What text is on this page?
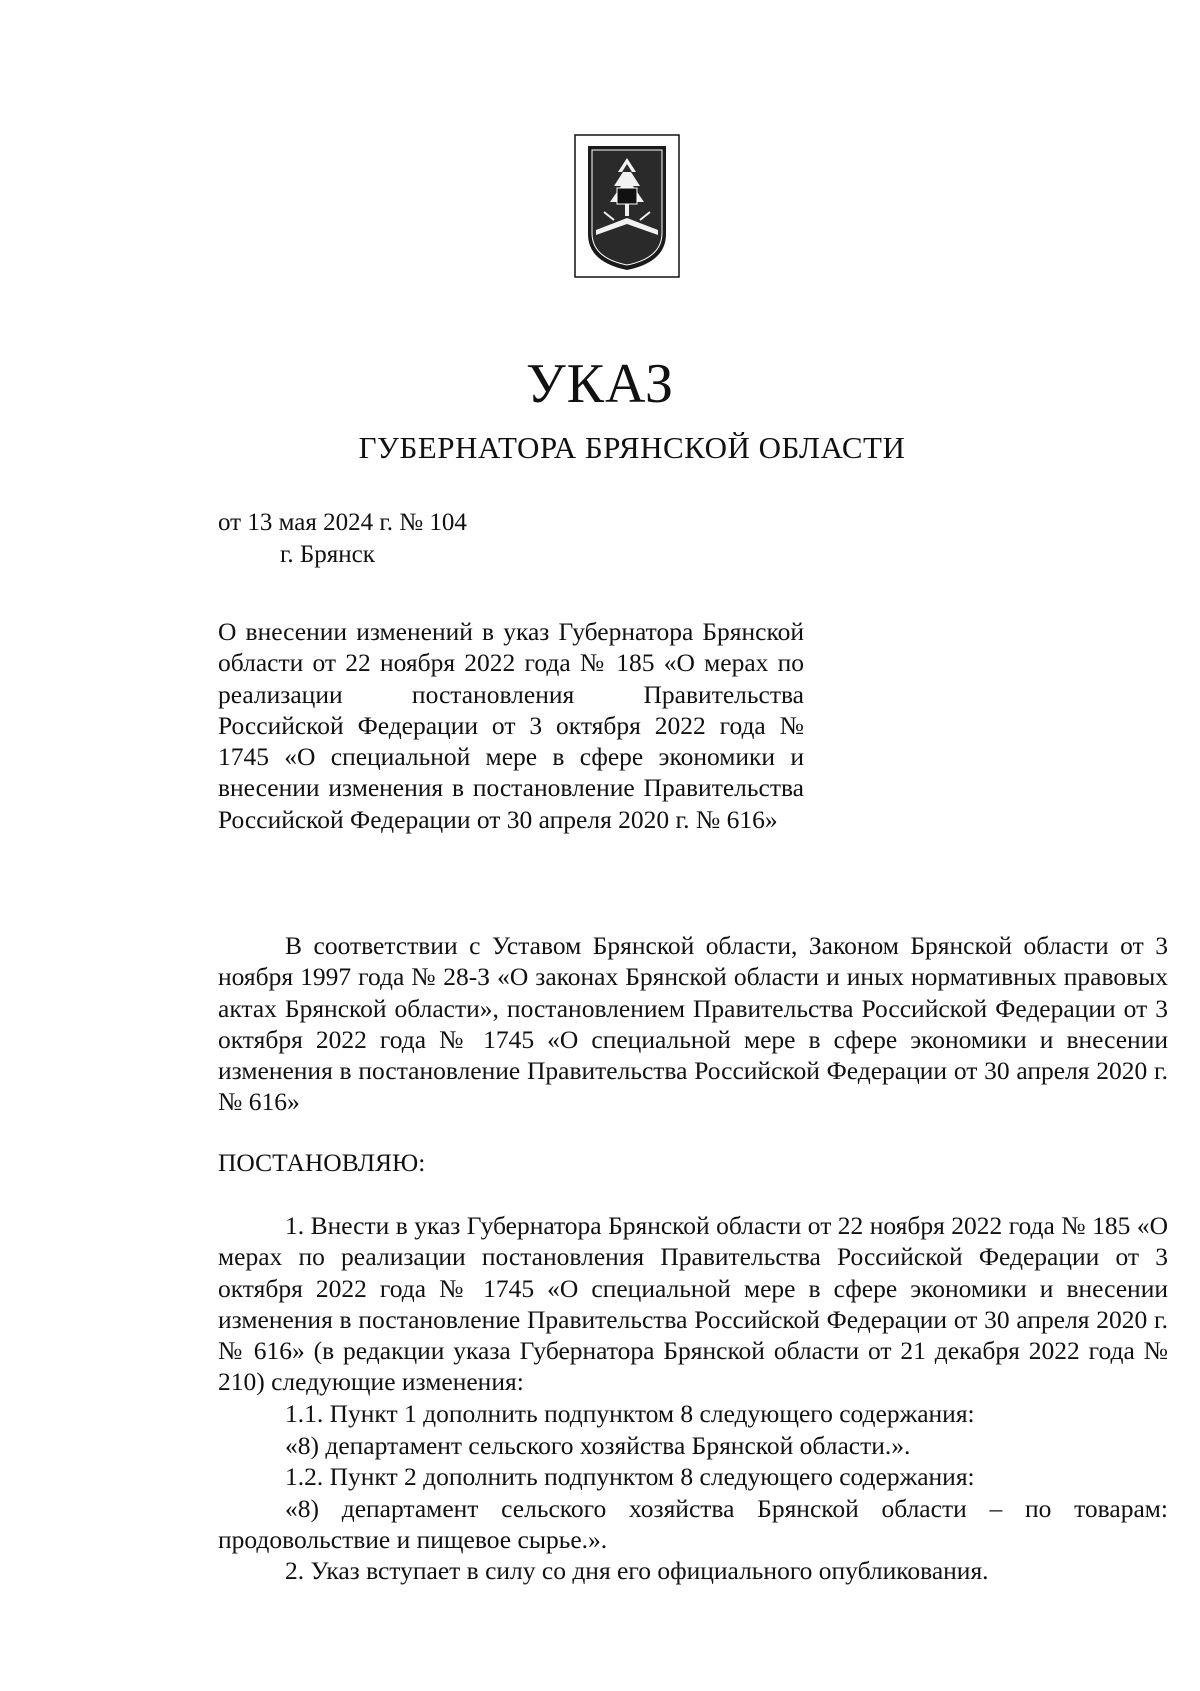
УКАЗ
ГУБЕРНАТОРА БРЯНСКОЙ ОБЛАСТИ
от 13 мая 2024 г. № 104
г. Брянск

О внесении изменений в указ Губернатора Брянской области от 22 ноября 2022 года № 185 «О мерах по реализации постановления Правительства Российской Федерации от 3 октября 2022 года № 1745 «О специальной мере в сфере экономики и внесении изменения в постановление Правительства Российской Федерации от 30 апреля 2020 г. № 616»

В соответствии с Уставом Брянской области, Законом Брянской области от 3 ноября 1997 года № 28-З «О законах Брянской области и иных нормативных правовых актах Брянской области», постановлением Правительства Российской Федерации от 3 октября 2022 года № 1745 «О специальной мере в сфере экономики и внесении изменения в постановление Правительства Российской Федерации от 30 апреля 2020 г. № 616»

ПОСТАНОВЛЯЮ:

1. Внести в указ Губернатора Брянской области от 22 ноября 2022 года № 185 «О мерах по реализации постановления Правительства Российской Федерации от 3 октября 2022 года № 1745 «О специальной мере в сфере экономики и внесении изменения в постановление Правительства Российской Федерации от 30 апреля 2020 г. № 616» (в редакции указа Губернатора Брянской области от 21 декабря 2022 года № 210) следующие изменения:

1.1. Пункт 1 дополнить подпунктом 8 следующего содержания:

«8) департамент сельского хозяйства Брянской области.».

1.2. Пункт 2 дополнить подпунктом 8 следующего содержания:

«8) департамент сельского хозяйства Брянской области – по товарам: продовольствие и пищевое сырье.».

2. Указ вступает в силу со дня его официального опубликования.
